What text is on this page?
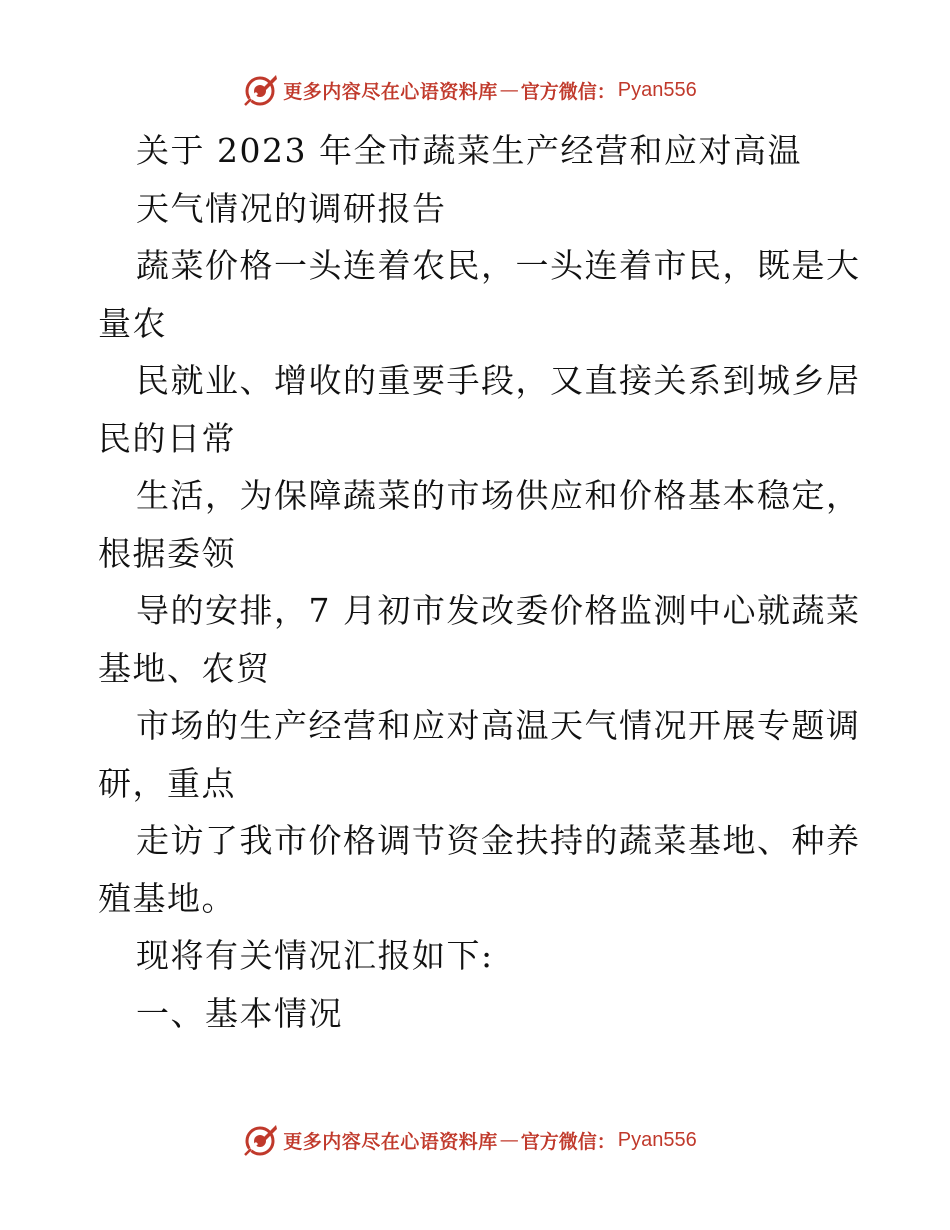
更多内容尽在心语资料库 — 官方微信： Pyan556
关于 2023 年全市蔬菜生产经营和应对高温
天气情况的调研报告
蔬菜价格一头连着农民，一头连着市民，既是大
量农
民就业、增收的重要手段，又直接关系到城乡居
民的日常
生活，为保障蔬菜的市场供应和价格基本稳定，
根据委领
导的安排，7 月初市发改委价格监测中心就蔬菜
基地、农贸
市场的生产经营和应对高温天气情况开展专题调
研，重点
走访了我市价格调节资金扶持的蔬菜基地、种养
殖基地。
现将有关情况汇报如下:
一、基本情况
更多内容尽在心语资料库 — 官方微信： Pyan556
